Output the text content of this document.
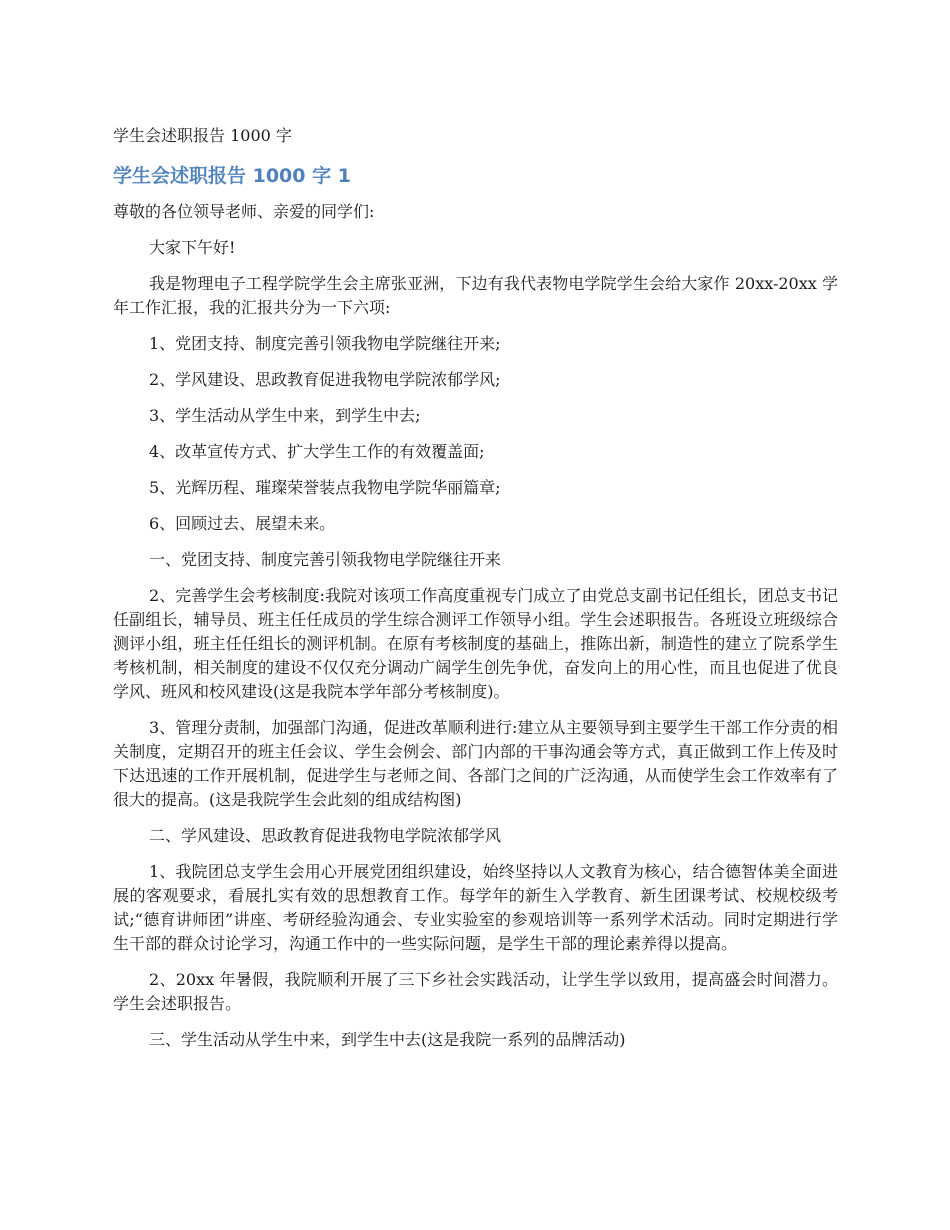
学生会述职报告 1000 字

学生会述职报告 1000 字 1

尊敬的各位领导老师、亲爱的同学们:

大家下午好!

我是物理电子工程学院学生会主席张亚洲，下边有我代表物电学院学生会给大家作 20xx-20xx 学年工作汇报，我的汇报共分为一下六项:

1、党团支持、制度完善引领我物电学院继往开来;

2、学风建设、思政教育促进我物电学院浓郁学风;

3、学生活动从学生中来，到学生中去;

4、改革宣传方式、扩大学生工作的有效覆盖面;

5、光辉历程、璀璨荣誉装点我物电学院华丽篇章;

6、回顾过去、展望未来。

一、党团支持、制度完善引领我物电学院继往开来

2、完善学生会考核制度:我院对该项工作高度重视专门成立了由党总支副书记任组长，团总支书记任副组长，辅导员、班主任任成员的学生综合测评工作领导小组。学生会述职报告。各班设立班级综合测评小组，班主任任组长的测评机制。在原有考核制度的基础上，推陈出新，制造性的建立了院系学生考核机制，相关制度的建设不仅仅充分调动广阔学生创先争优，奋发向上的用心性，而且也促进了优良学风、班风和校风建设(这是我院本学年部分考核制度)。

3、管理分责制，加强部门沟通，促进改革顺利进行:建立从主要领导到主要学生干部工作分责的相关制度，定期召开的班主任会议、学生会例会、部门内部的干事沟通会等方式，真正做到工作上传及时下达迅速的工作开展机制，促进学生与老师之间、各部门之间的广泛沟通，从而使学生会工作效率有了很大的提高。(这是我院学生会此刻的组成结构图)

二、学风建设、思政教育促进我物电学院浓郁学风

1、我院团总支学生会用心开展党团组织建设，始终坚持以人文教育为核心，结合德智体美全面进展的客观要求，看展扎实有效的思想教育工作。每学年的新生入学教育、新生团课考试、校规校级考试;“德育讲师团”讲座、考研经验沟通会、专业实验室的参观培训等一系列学术活动。同时定期进行学生干部的群众讨论学习，沟通工作中的一些实际问题，是学生干部的理论素养得以提高。

2、20xx 年暑假，我院顺利开展了三下乡社会实践活动，让学生学以致用，提高盛会时间潜力。学生会述职报告。

三、学生活动从学生中来，到学生中去(这是我院一系列的品牌活动)
